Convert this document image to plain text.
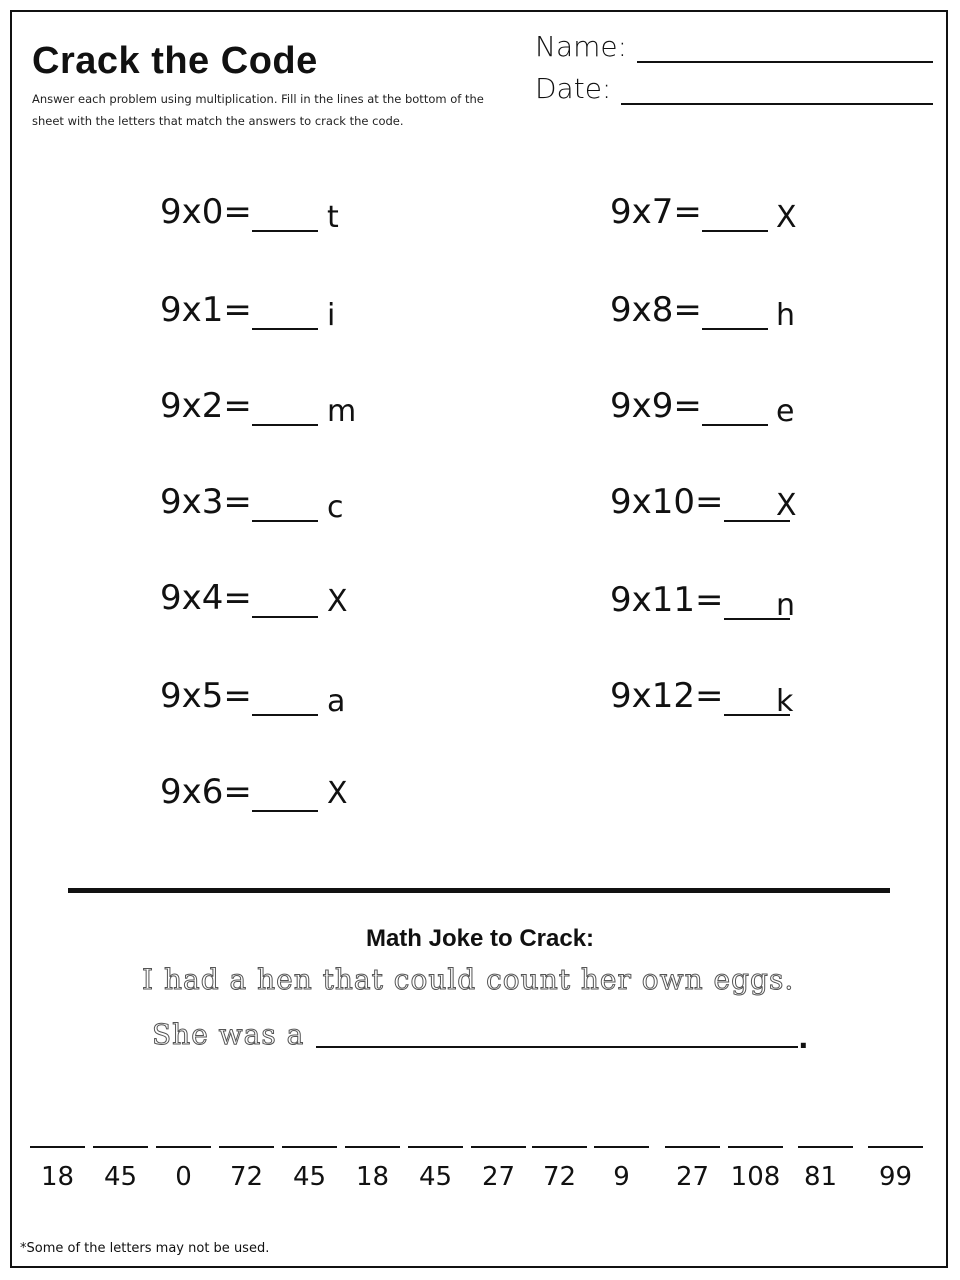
Crack the Code
Answer each problem using multiplication. Fill in the lines at the bottom of the sheet with the letters that match the answers to crack the code.
Name:
Date:
9x0=	t
9x1=	i
9x2=	m
9x3=	c
9x4=	X
9x5=	a
9x6=	X
9x7= X
9x8= h
9x9= e
9x10= X
9x11= n
9x12= k
Math Joke to Crack:
I had a hen that could count her own eggs.
She was a	.
18	45	0	72	45	18	45	27	72	9	27 108 81	99
*Some of the letters may not be used.
